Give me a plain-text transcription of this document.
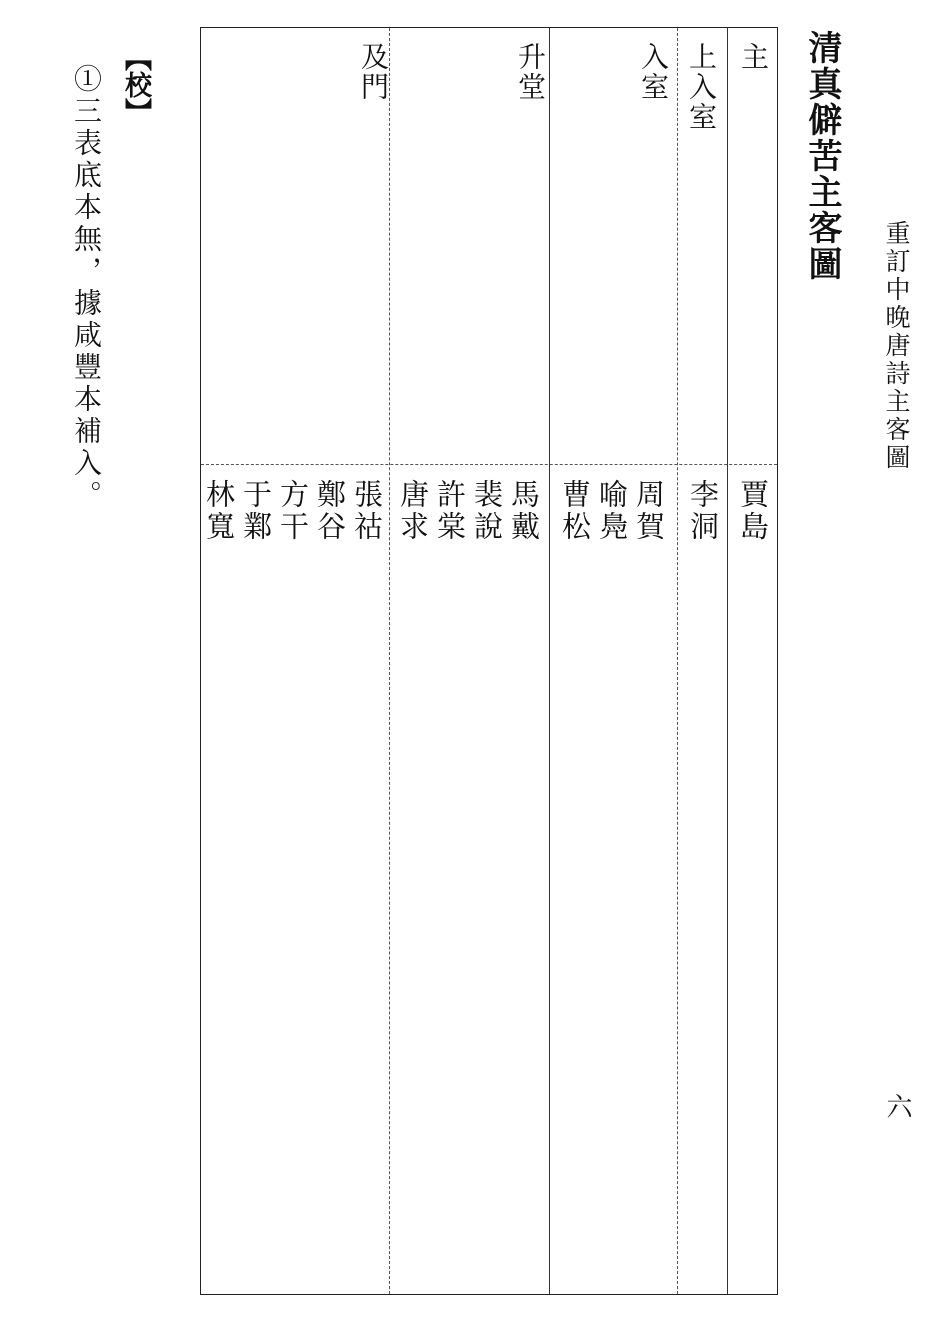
重訂中晚唐詩主客圖
六
清真僻苦主客圖
主
上入室
入室
升堂
及門
賈島
李洞
周賀
喻鳧
曹松
馬戴
裴說
許棠
唐求
張祜
鄭谷
方干
于鄴
林寬
【校】
①三表底本無，據咸豐本補入。
